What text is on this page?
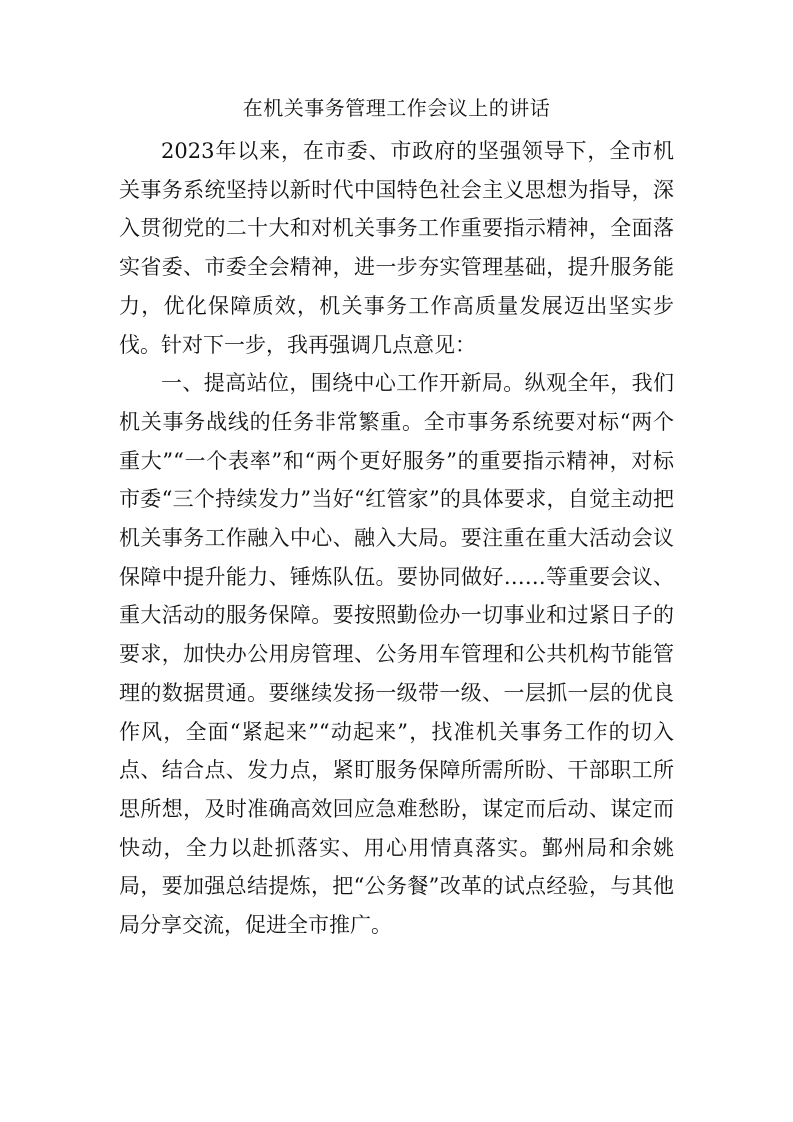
在机关事务管理工作会议上的讲话

2023年以来，在市委、市政府的坚强领导下，全市机关事务系统坚持以新时代中国特色社会主义思想为指导，深入贯彻党的二十大和对机关事务工作重要指示精神，全面落实省委、市委全会精神，进一步夯实管理基础，提升服务能力，优化保障质效，机关事务工作高质量发展迈出坚实步伐。针对下一步，我再强调几点意见：

一、提高站位，围绕中心工作开新局。纵观全年，我们机关事务战线的任务非常繁重。全市事务系统要对标“两个重大”“一个表率”和“两个更好服务”的重要指示精神，对标市委“三个持续发力”当好“红管家”的具体要求，自觉主动把机关事务工作融入中心、融入大局。要注重在重大活动会议保障中提升能力、锤炼队伍。要协同做好……等重要会议、重大活动的服务保障。要按照勤俭办一切事业和过紧日子的要求，加快办公用房管理、公务用车管理和公共机构节能管理的数据贯通。要继续发扬一级带一级、一层抓一层的优良作风，全面“紧起来”“动起来”，找准机关事务工作的切入点、结合点、发力点，紧盯服务保障所需所盼、干部职工所思所想，及时准确高效回应急难愁盼，谋定而后动、谋定而快动，全力以赴抓落实、用心用情真落实。鄞州局和余姚局，要加强总结提炼，把“公务餐”改革的试点经验，与其他局分享交流，促进全市推广。
